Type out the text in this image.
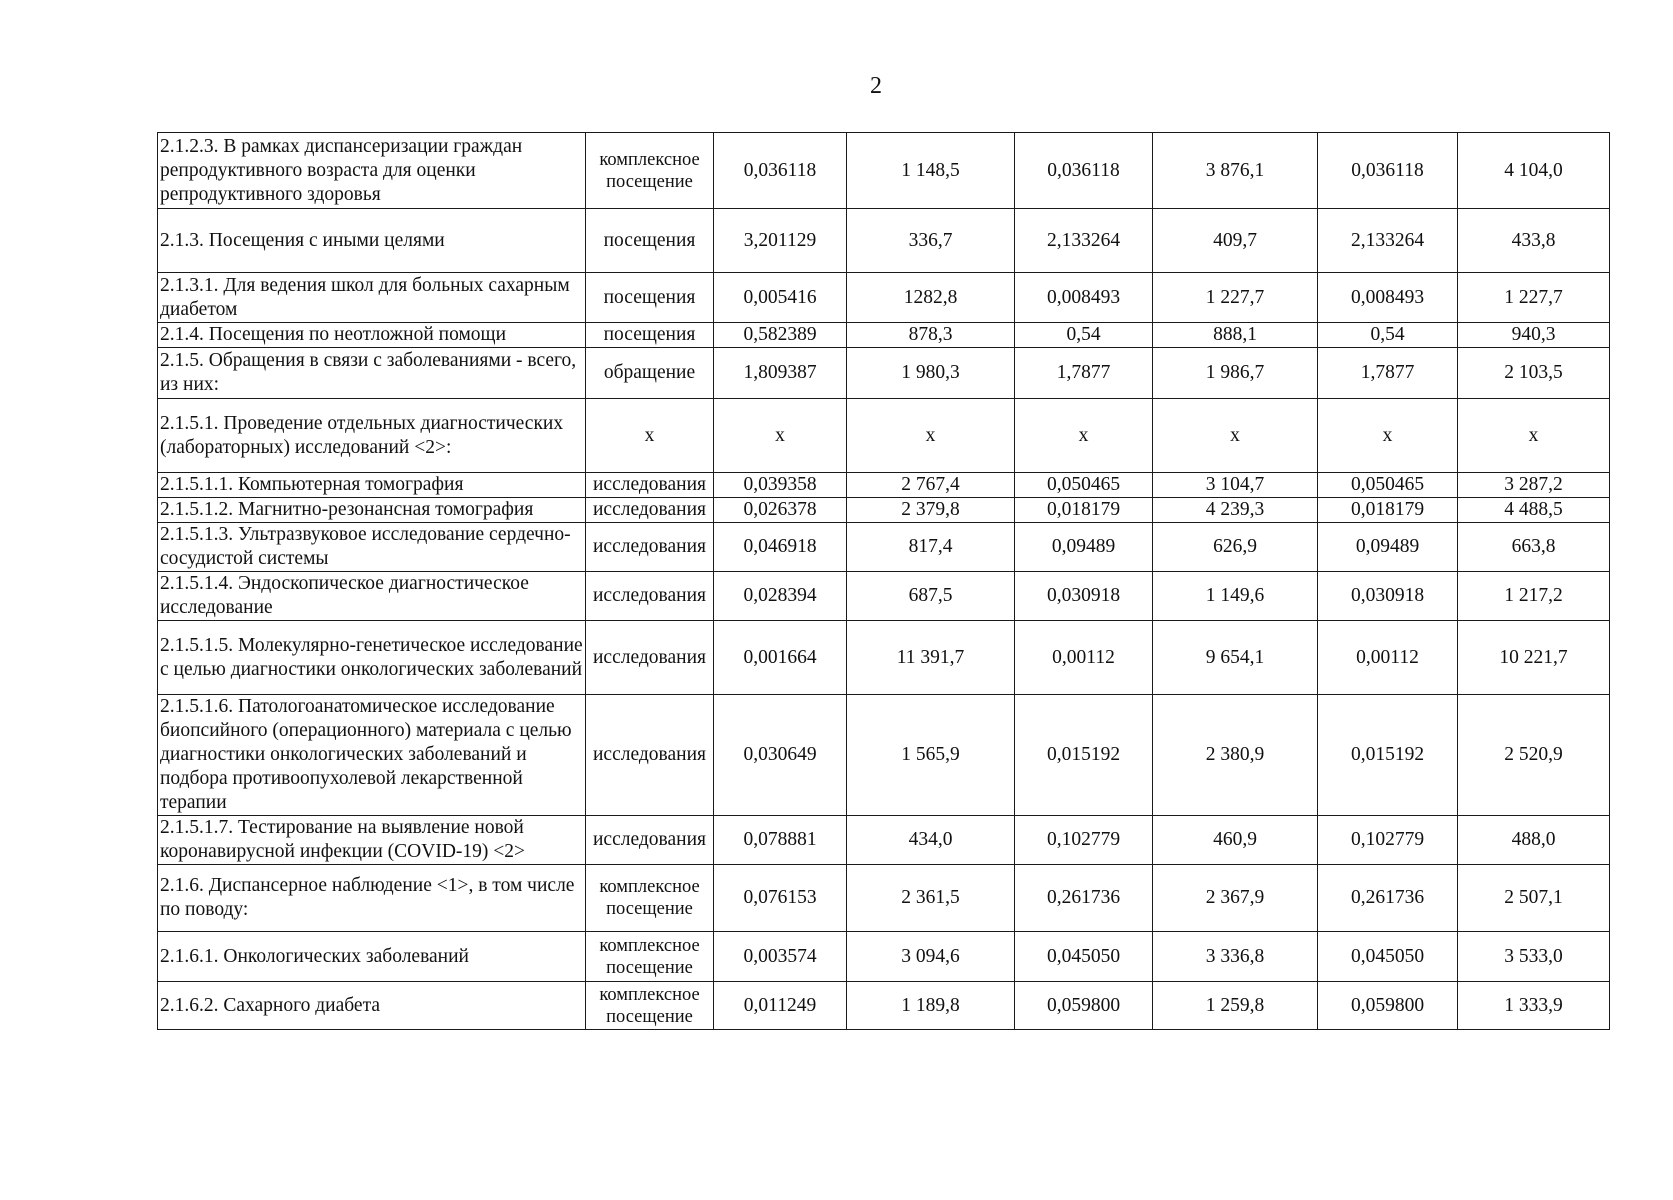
2
2.1.2.3. В рамках диспансеризации граждан репродуктивного возраста для оценки репродуктивного здоровья	комплексное посещение	0,036118	1 148,5	0,036118	3 876,1	0,036118	4 104,0
2.1.3. Посещения с иными целями	посещения	3,201129	336,7	2,133264	409,7	2,133264	433,8
2.1.3.1. Для ведения школ для больных сахарным диабетом	посещения	0,005416	1282,8	0,008493	1 227,7	0,008493	1 227,7
2.1.4. Посещения по неотложной помощи	посещения	0,582389	878,3	0,54	888,1	0,54	940,3
2.1.5. Обращения в связи с заболеваниями - всего, из них:	обращение	1,809387	1 980,3	1,7877	1 986,7	1,7877	2 103,5
2.1.5.1. Проведение отдельных диагностических (лабораторных) исследований <2>:	х	х	х	х	х	х	х
2.1.5.1.1. Компьютерная томография	исследования	0,039358	2 767,4	0,050465	3 104,7	0,050465	3 287,2
2.1.5.1.2. Магнитно-резонансная томография	исследования	0,026378	2 379,8	0,018179	4 239,3	0,018179	4 488,5
2.1.5.1.3. Ультразвуковое исследование сердечно-сосудистой системы	исследования	0,046918	817,4	0,09489	626,9	0,09489	663,8
2.1.5.1.4. Эндоскопическое диагностическое исследование	исследования	0,028394	687,5	0,030918	1 149,6	0,030918	1 217,2
2.1.5.1.5. Молекулярно-генетическое исследование с целью диагностики онкологических заболеваний	исследования	0,001664	11 391,7	0,00112	9 654,1	0,00112	10 221,7
2.1.5.1.6. Патологоанатомическое исследование биопсийного (операционного) материала с целью диагностики онкологических заболеваний и подбора противоопухолевой лекарственной терапии	исследования	0,030649	1 565,9	0,015192	2 380,9	0,015192	2 520,9
2.1.5.1.7. Тестирование на выявление новой коронавирусной инфекции (COVID-19) <2>	исследования	0,078881	434,0	0,102779	460,9	0,102779	488,0
2.1.6. Диспансерное наблюдение <1>, в том числе по поводу:	комплексное посещение	0,076153	2 361,5	0,261736	2 367,9	0,261736	2 507,1
2.1.6.1. Онкологических заболеваний	комплексное посещение	0,003574	3 094,6	0,045050	3 336,8	0,045050	3 533,0
2.1.6.2. Сахарного диабета	комплексное посещение	0,011249	1 189,8	0,059800	1 259,8	0,059800	1 333,9
